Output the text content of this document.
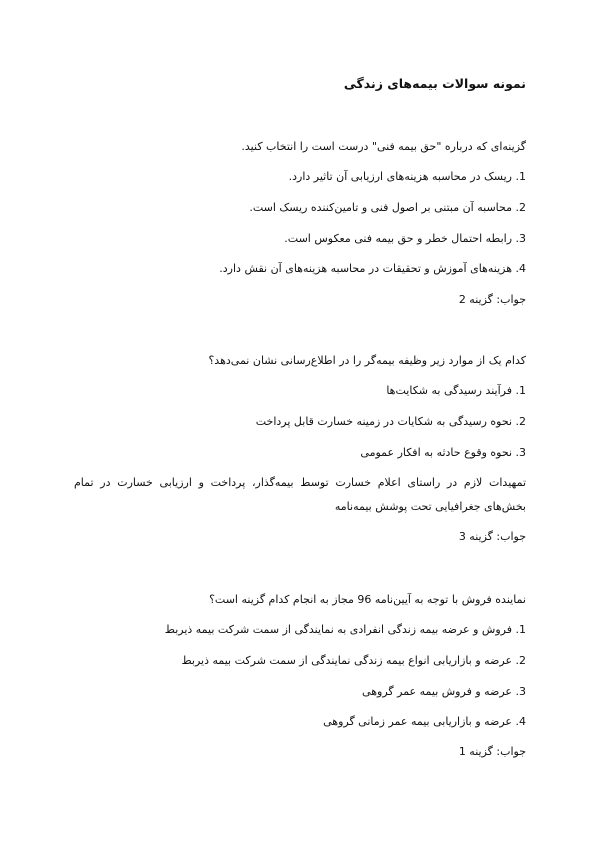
نمونه سوالات بیمه‌های زندگی
گزینه‌ای که درباره "حق بیمه فنی" درست است را انتخاب کنید.
1. ریسک در محاسبه هزینه‌های ارزیابی آن تاثیر دارد.
2. محاسبه آن مبتنی بر اصول فنی و تامین‌کننده ریسک است.
3. رابطه احتمال خطر و حق بیمه فنی معکوس است.
4. هزینه‌های آموزش و تحقیقات در محاسبه هزینه‌های آن نقش دارد.
جواب: گزینه 2
کدام یک از موارد زیر وظیفه بیمه‌گر را در اطلاع‌رسانی نشان نمی‌دهد؟
1. فرآیند رسیدگی به شکایت‌ها
2. نحوه رسیدگی به شکایات در زمینه خسارت قابل پرداخت
3. نحوه وقوع حادثه به افکار عمومی
تمهیدات لازم در راستای اعلام خسارت توسط بیمه‌گذار، پرداخت و ارزیابی خسارت در تمام بخش‌های جغرافیایی تحت پوشش بیمه‌نامه
جواب: گزینه 3
نماینده فروش با توجه به آیین‌نامه 96 مجاز به انجام کدام گزینه است؟
1. فروش و عرضه بیمه زندگی انفرادی به نمایندگی از سمت شرکت بیمه ذیربط
2. عرضه و بازاریابی انواع بیمه زندگی نمایندگی از سمت شرکت بیمه ذیربط
3. عرضه و فروش بیمه عمر گروهی
4. عرضه و بازاریابی بیمه عمر زمانی گروهی
جواب: گزینه 1
